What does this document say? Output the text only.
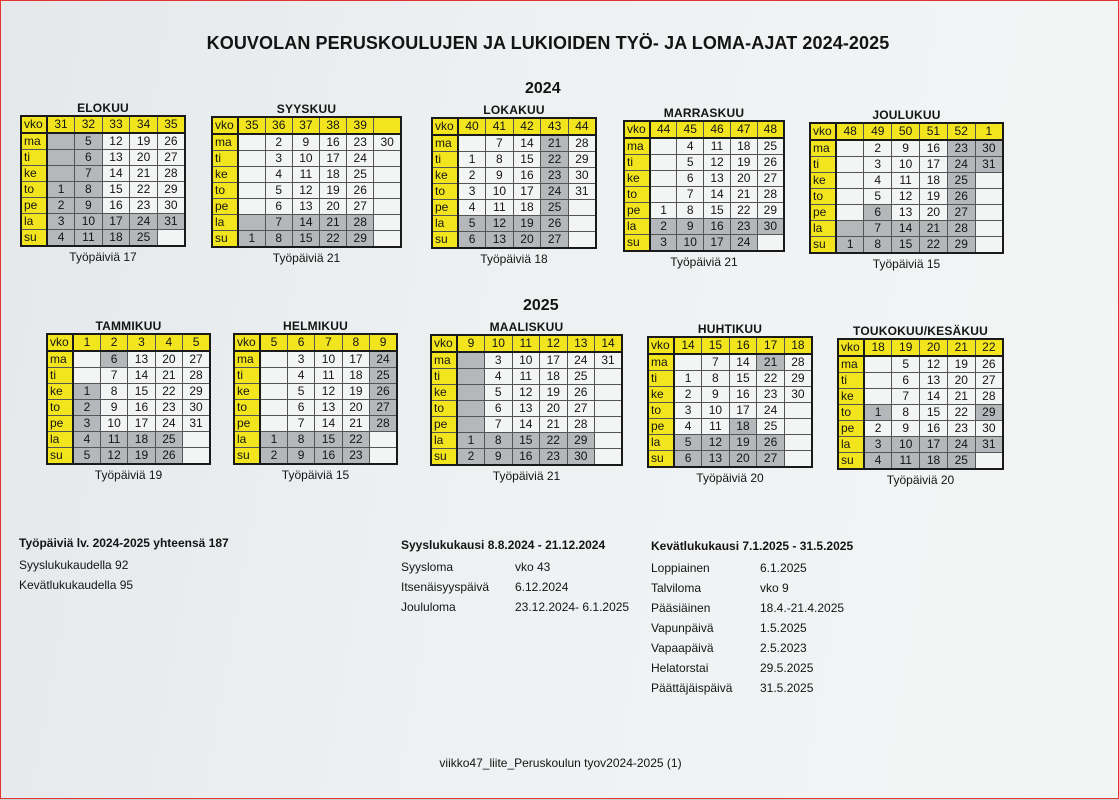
KOUVOLAN PERUSKOULUJEN JA LUKIOIDEN TYÖ- JA LOMA-AJAT 2024-2025
2024
2025
ELOKUU
vko	31	32	33	34	35
ma		5	12	19	26
ti		6	13	20	27
ke		7	14	21	28
to	1	8	15	22	29
pe	2	9	16	23	30
la	3	10	17	24	31
su	4	11	18	25	
Työpäiviä 17
SYYSKUU
vko	35	36	37	38	39	
ma		2	9	16	23	30
ti		3	10	17	24	
ke		4	11	18	25	
to		5	12	19	26	
pe		6	13	20	27	
la		7	14	21	28	
su	1	8	15	22	29	
Työpäiviä 21
LOKAKUU
vko	40	41	42	43	44
ma		7	14	21	28
ti	1	8	15	22	29
ke	2	9	16	23	30
to	3	10	17	24	31
pe	4	11	18	25	
la	5	12	19	26	
su	6	13	20	27	
Työpäiviä 18
MARRASKUU
vko	44	45	46	47	48
ma		4	11	18	25
ti		5	12	19	26
ke		6	13	20	27
to		7	14	21	28
pe	1	8	15	22	29
la	2	9	16	23	30
su	3	10	17	24	
Työpäiviä 21
JOULUKUU
vko	48	49	50	51	52	1
ma		2	9	16	23	30
ti		3	10	17	24	31
ke		4	11	18	25	
to		5	12	19	26	
pe		6	13	20	27	
la		7	14	21	28	
su	1	8	15	22	29	
Työpäiviä 15
TAMMIKUU
vko	1	2	3	4	5
ma		6	13	20	27
ti		7	14	21	28
ke	1	8	15	22	29
to	2	9	16	23	30
pe	3	10	17	24	31
la	4	11	18	25	
su	5	12	19	26	
Työpäiviä 19
HELMIKUU
vko	5	6	7	8	9
ma		3	10	17	24
ti		4	11	18	25
ke		5	12	19	26
to		6	13	20	27
pe		7	14	21	28
la	1	8	15	22	
su	2	9	16	23	
Työpäiviä 15
MAALISKUU
vko	9	10	11	12	13	14
ma		3	10	17	24	31
ti		4	11	18	25	
ke		5	12	19	26	
to		6	13	20	27	
pe		7	14	21	28	
la	1	8	15	22	29	
su	2	9	16	23	30	
Työpäiviä 21
HUHTIKUU
vko	14	15	16	17	18
ma		7	14	21	28
ti	1	8	15	22	29
ke	2	9	16	23	30
to	3	10	17	24	
pe	4	11	18	25	
la	5	12	19	26	
su	6	13	20	27	
Työpäiviä 20
TOUKOKUU/KESÄKUU
vko	18	19	20	21	22
ma		5	12	19	26
ti		6	13	20	27
ke		7	14	21	28
to	1	8	15	22	29
pe	2	9	16	23	30
la	3	10	17	24	31
su	4	11	18	25	
Työpäiviä 20
Työpäiviä lv. 2024-2025 yhteensä 187
Syyslukukaudella 92
Kevätlukukaudella 95
Syyslukukausi 8.8.2024 - 21.12.2024
Syysloma	vko 43
Itsenäisyyspäivä 6.12.2024
Joululoma	23.12.2024- 6.1.2025
Kevätlukukausi 7.1.2025 - 31.5.2025
Loppiainen	6.1.2025
Talviloma	vko 9
Pääsiäinen	18.4.-21.4.2025
Vapunpäivä	1.5.2025
Vapaapäivä	2.5.2023
Helatorstai	29.5.2025
Päättäjäispäivä 31.5.2025
viikko47_liite_Peruskoulun tyov2024-2025 (1)
